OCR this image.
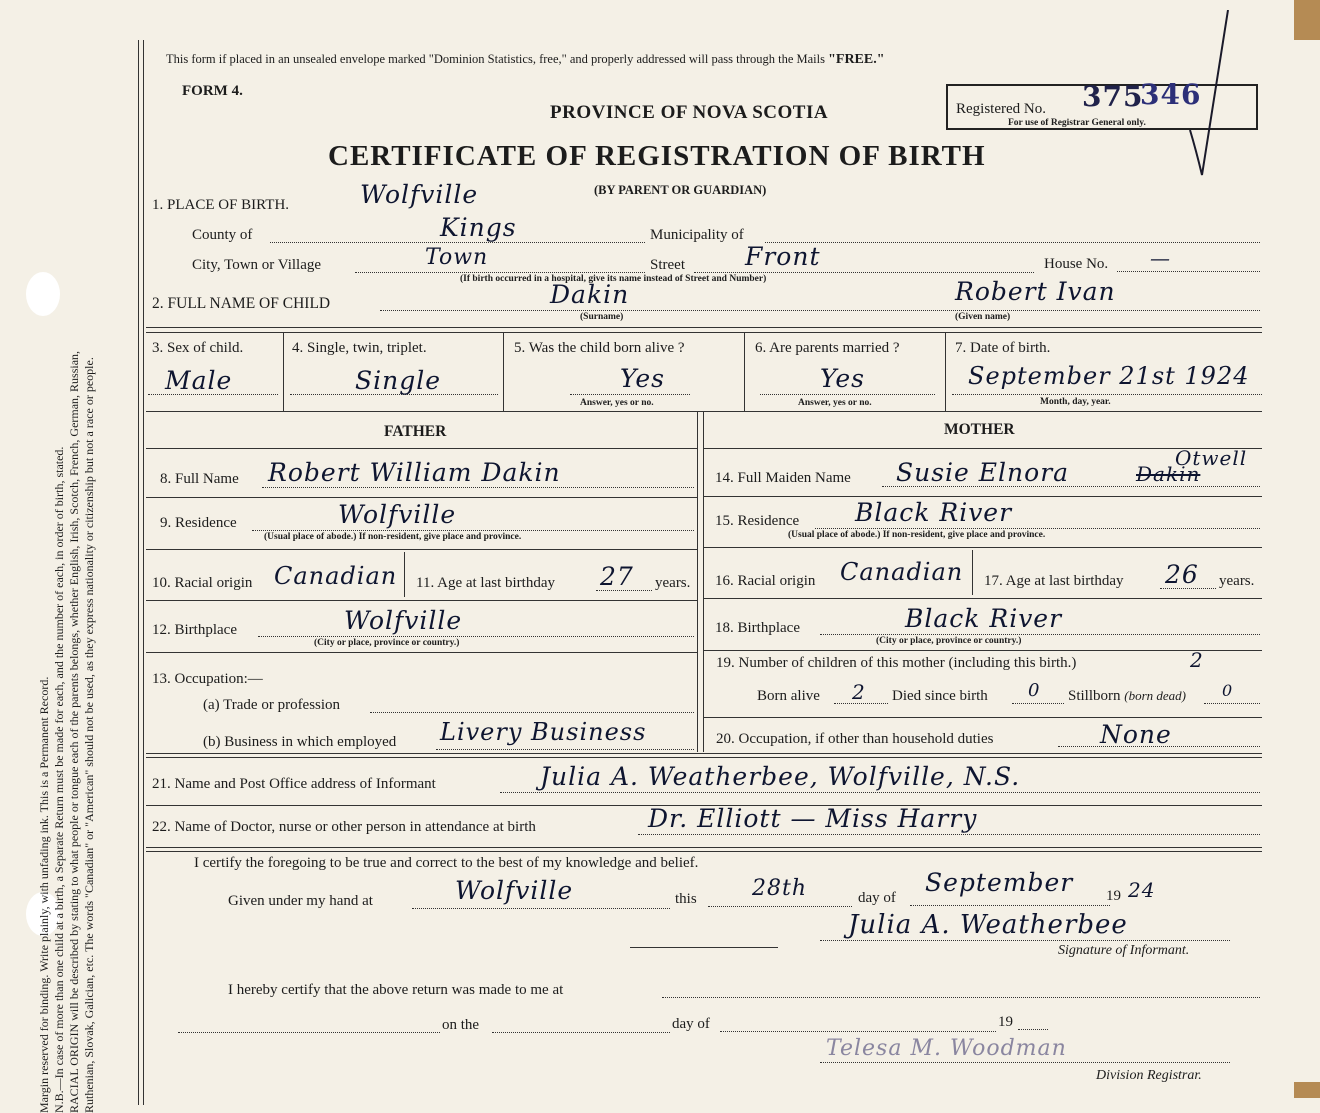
Margin reserved for binding. Write plainly, with unfading ink. This is a Permanent Record. N.B.—In case of more than one child at a birth, a Separate Return must be made for each, and the number of each, in order of birth, stated. RACIAL ORIGIN will be described by stating to what people or tongue each of the parents belongs, whether English, Irish, Scotch, French, German, Russian, Ruthenian, Slovak, Galician, etc. The words "Canadian" or "American" should not be used, as they express nationality or citizenship but not a race or people.
This form if placed in an unsealed envelope marked "Dominion Statistics, free," and properly addressed will pass through the Mails "FREE."
FORM 4.
PROVINCE OF NOVA SCOTIA
CERTIFICATE OF REGISTRATION OF BIRTH
(BY PARENT OR GUARDIAN)
Registered No. 375
346
For use of Registrar General only.
1. PLACE OF BIRTH.	Wolfville
County of	Kings	Municipality of
City, Town or Village	Town	Street Front	House No. —
(If birth occurred in a hospital, give its name instead of Street and Number)
2. FULL NAME OF CHILD	Dakin
(Surname)
Robert Ivan
(Given name)
3. Sex of child.
Male
4. Single, twin, triplet.
Single
5. Was the child born alive ?
Yes
Answer, yes or no.
6. Are parents married ?
Yes
Answer, yes or no.
7. Date of birth.
September 21st 1924
Month, day, year.
FATHER	MOTHER
8. Full Name Robert William Dakin
9. Residence	Wolfville
(Usual place of abode.) If non-resident, give place and province.
10. Racial origin Canadian 11. Age at last birthday 27 years.
12. Birthplace	Wolfville
(City or place, province or country.)
13. Occupation:—
(a) Trade or profession
(b) Business in which employed Livery Business
14. Full Maiden Name Susie Elnora	Dakin
Otwell
15. Residence Black River
(Usual place of abode.) If non-resident, give place and province.
16. Racial origin Canadian 17. Age at last birthday 26 years.
18. Birthplace	Black River
(City or place, province or country.)
19. Number of children of this mother (including this birth.)	2
Born alive 2 Died since birth 0 Stillborn (born dead) 0
20. Occupation, if other than household duties	None
21. Name and Post Office address of Informant	Julia A. Weatherbee, Wolfville, N.S.
22. Name of Doctor, nurse or other person in attendance at birth	Dr. Elliott — Miss Harry
I certify the foregoing to be true and correct to the best of my knowledge and belief.
Given under my hand at	Wolfville	this	28th	day of
September 19 24
Julia A. Weatherbee
Signature of Informant.
I hereby certify that the above return was made to me at
on the	day of	19
Telesa M. Woodman
Division Registrar.
